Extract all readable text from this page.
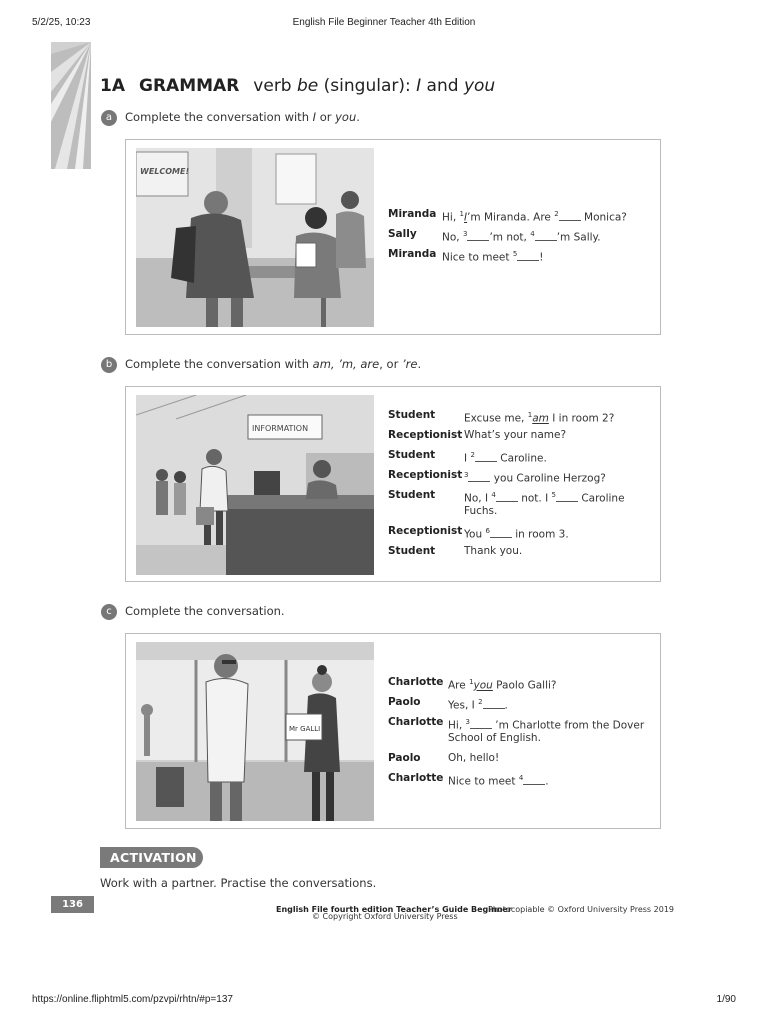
5/2/25, 10:23	English File Beginner Teacher 4th Edition
1A GRAMMAR verb be (singular): I and you
a	Complete the conversation with I or you.
WELCOME!
Miranda Hi, $^1$I’m Miranda. Are $^2$ Monica?
Sally No, $^3$ ’m not, $^4$ ’m Sally.
Miranda Nice to meet $^5$ !
b	Complete the conversation with am, ’m, are, or ’re.
INFORMATION
Student	Excuse me, $^1$am I in room 2?
Receptionist What’s your name?
Student	I $^2$ Caroline.
Receptionist $^3$ you Caroline Herzog?
Student	No, I $^4$ not. I $^5$ Caroline
Fuchs.
Receptionist You $^6$ in room 3.
Student	Thank you.
c	Complete the conversation.
Mr GALLI
Charlotte Are $^1$you Paolo Galli?
Paolo	Yes, I $^2$ .
Charlotte Hi, $^3$ ’m Charlotte from the Dover
School of English.
Paolo	Oh, hello!
Charlotte Nice to meet $^4$ .
ACTIVATION
Work with a partner. Practise the conversations.
136	English File fourth edition Teacher’s Guide Beginner
Photocopiable © Oxford University Press 2019
© Copyright Oxford University Press
https://online.fliphtml5.com/pzvpi/rhtn/#p=137	1/90
